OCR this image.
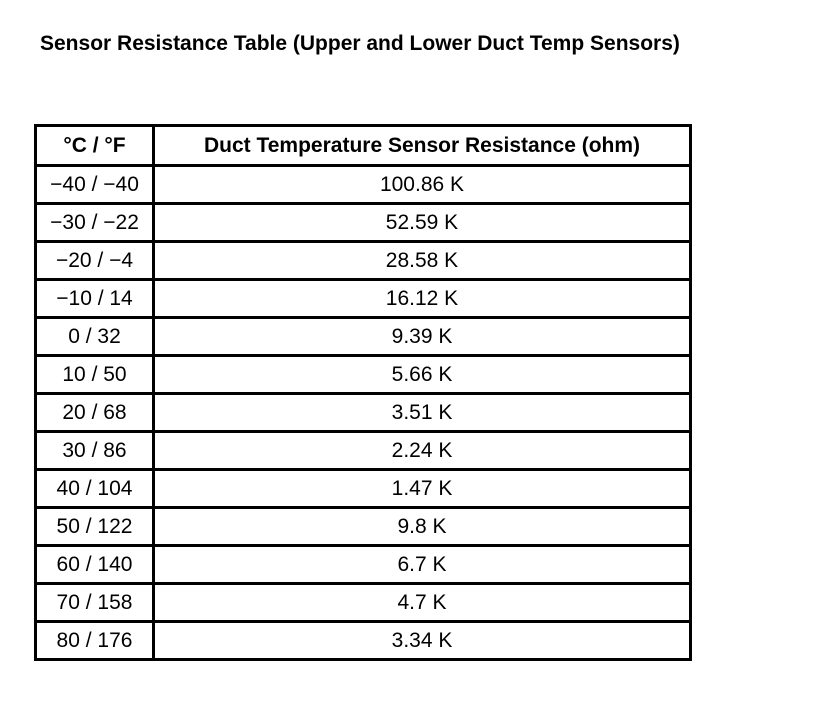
Sensor Resistance Table (Upper and Lower Duct Temp Sensors)
°C / °F	Duct Temperature Sensor Resistance (ohm)
−40 / −40	100.86 K
−30 / −22	52.59 K
−20 / −4	28.58 K
−10 / 14	16.12 K
0 / 32	9.39 K
10 / 50	5.66 K
20 / 68	3.51 K
30 / 86	2.24 K
40 / 104	1.47 K
50 / 122	9.8 K
60 / 140	6.7 K
70 / 158	4.7 K
80 / 176	3.34 K
